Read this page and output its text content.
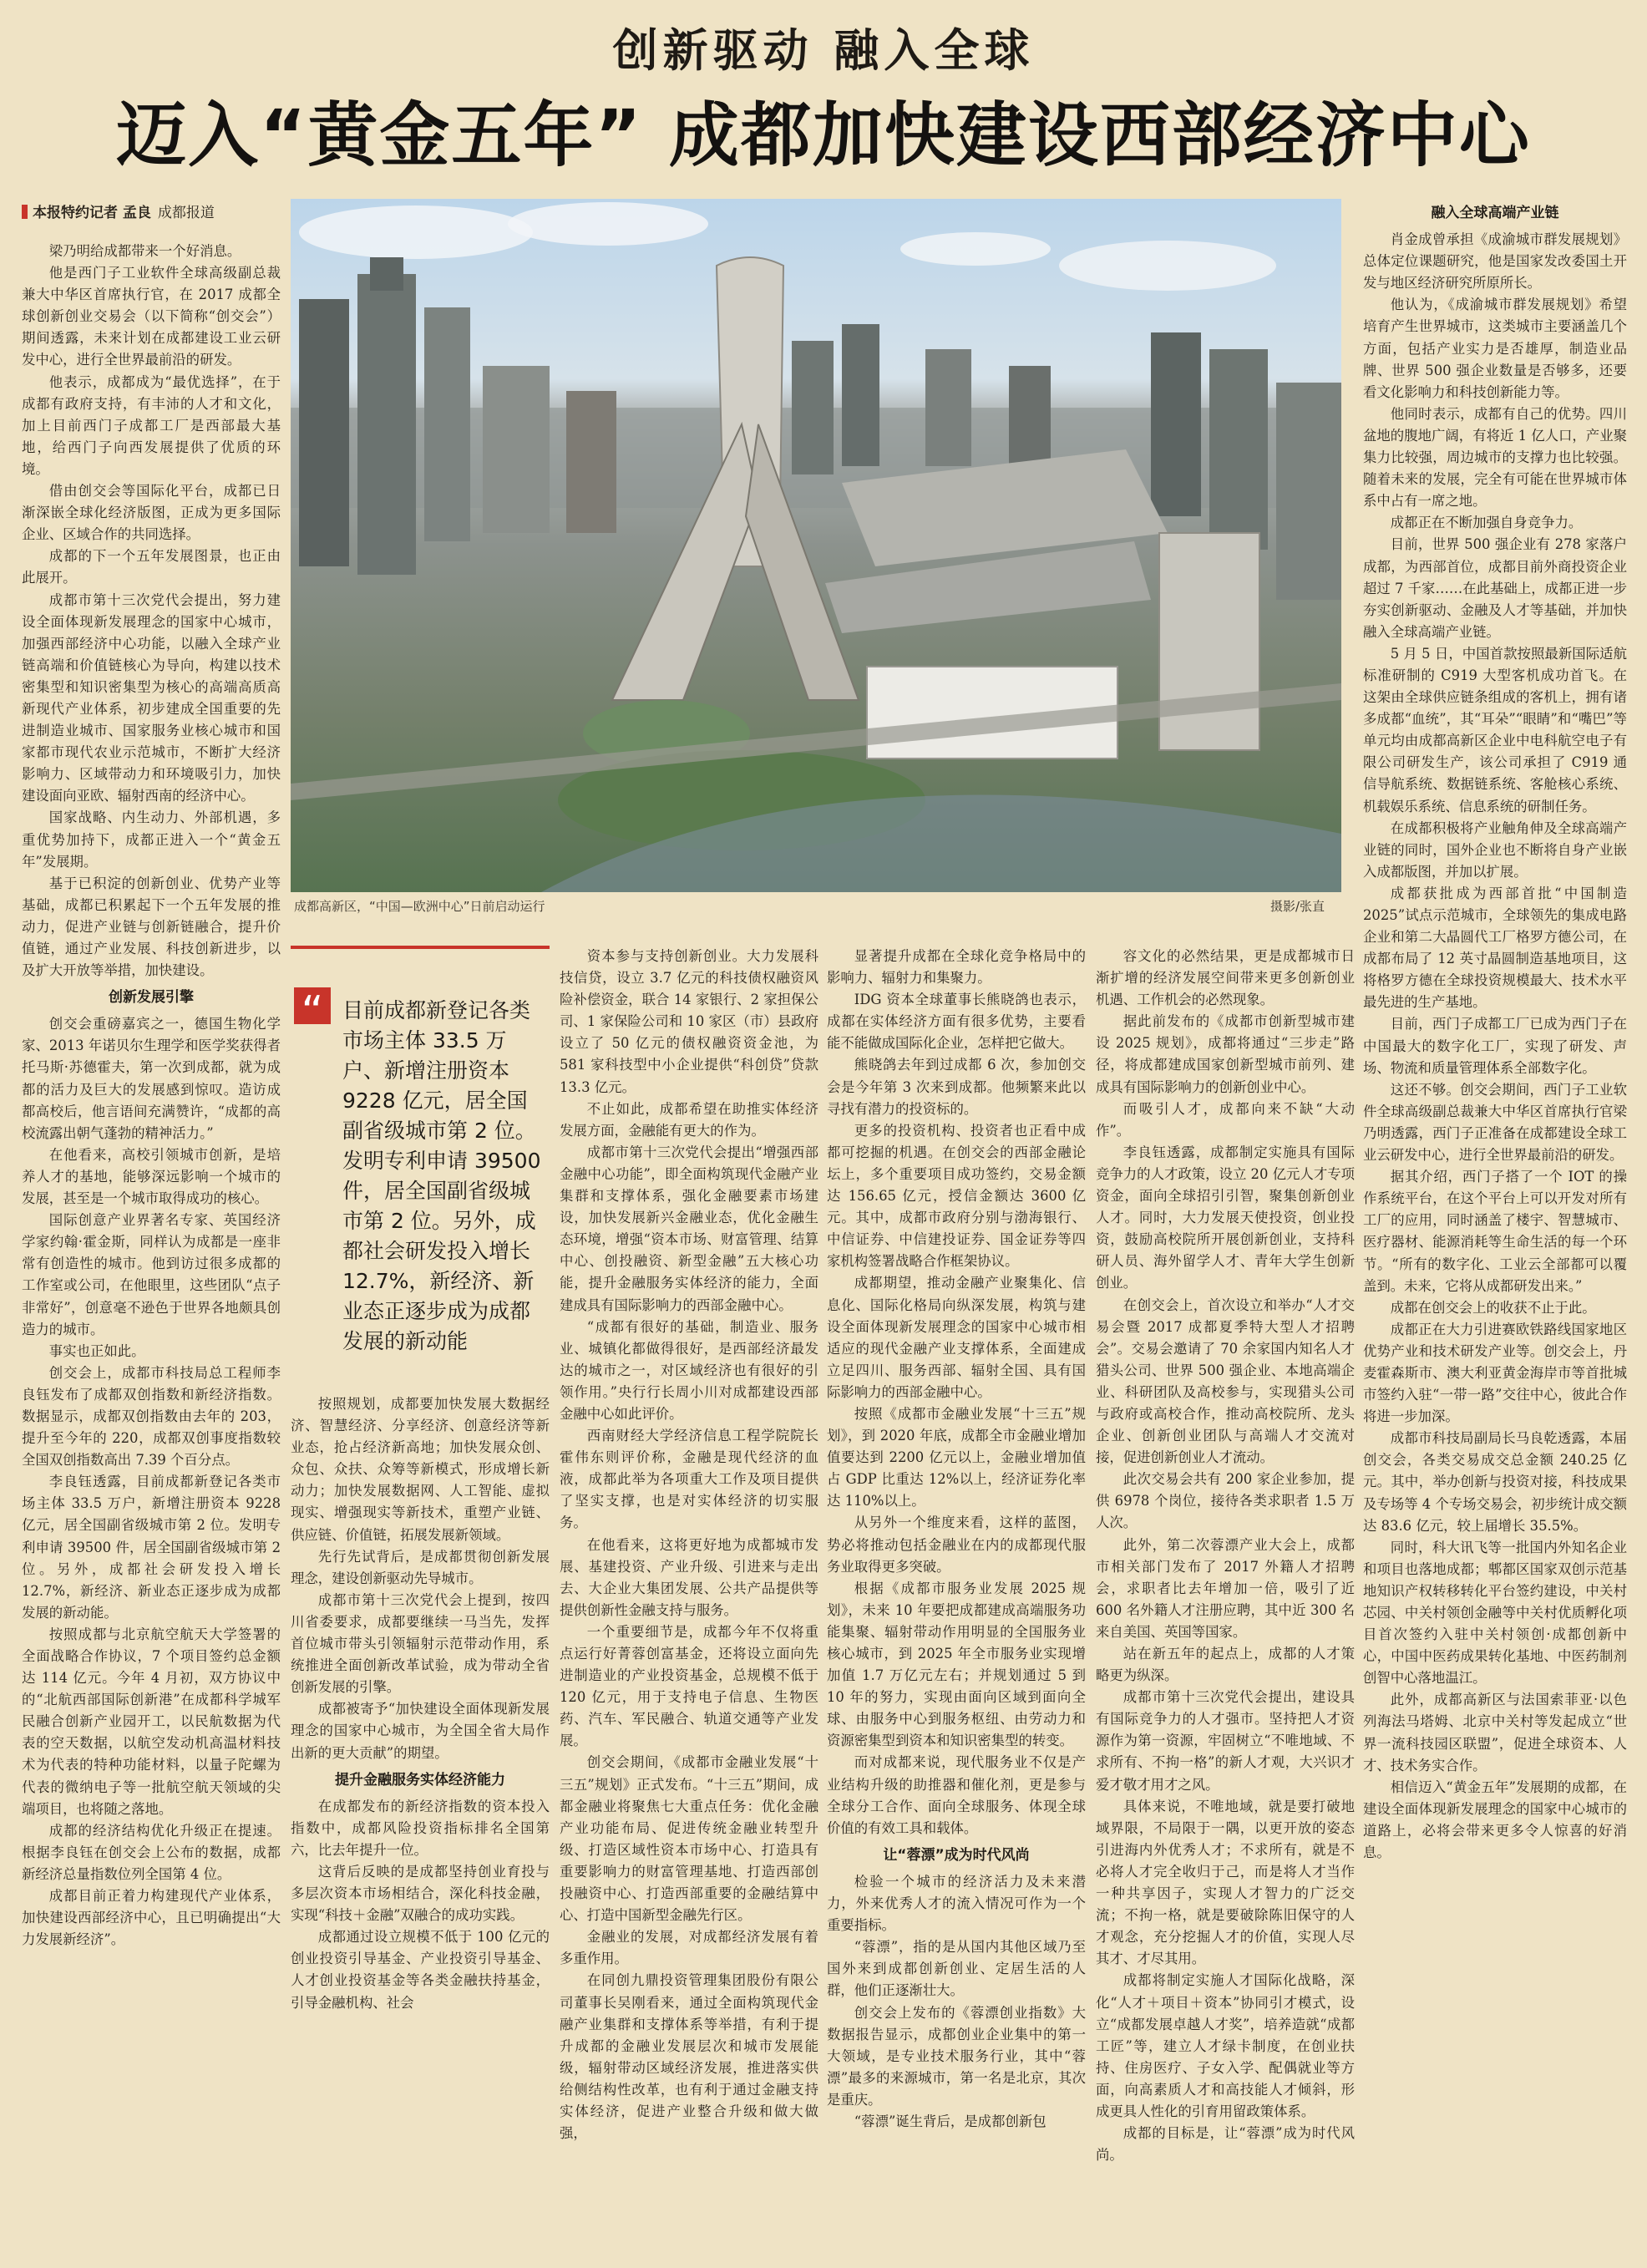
创新驱动 融入全球
迈入“黄金五年” 成都加快建设西部经济中心
本报特约记者 孟良 成都报道
成都高新区，“中国—欧洲中心”日前启动运行	摄影/张直
“ 目前成都新登记各类市场主体 33.5 万户、新增注册资本 9228 亿元，居全国副省级城市第 2 位。发明专利申请 39500 件，居全国副省级城市第 2 位。另外，成都社会研发投入增长 12.7%，新经济、新业态正逐步成为成都发展的新动能

梁乃明给成都带来一个好消息。

他是西门子工业软件全球高级副总裁兼大中华区首席执行官，在 2017 成都全球创新创业交易会（以下简称“创交会”）期间透露，未来计划在成都建设工业云研发中心，进行全世界最前沿的研发。

他表示，成都成为“最优选择”，在于成都有政府支持，有丰沛的人才和文化，加上目前西门子成都工厂是西部最大基地，给西门子向西发展提供了优质的环境。

借由创交会等国际化平台，成都已日渐深嵌全球化经济版图，正成为更多国际企业、区域合作的共同选择。

成都的下一个五年发展图景，也正由此展开。

成都市第十三次党代会提出，努力建设全面体现新发展理念的国家中心城市，加强西部经济中心功能，以融入全球产业链高端和价值链核心为导向，构建以技术密集型和知识密集型为核心的高端高质高新现代产业体系，初步建成全国重要的先进制造业城市、国家服务业核心城市和国家都市现代农业示范城市，不断扩大经济影响力、区域带动力和环境吸引力，加快建设面向亚欧、辐射西南的经济中心。

国家战略、内生动力、外部机遇，多重优势加持下，成都正进入一个“黄金五年”发展期。

基于已积淀的创新创业、优势产业等基础，成都已积累起下一个五年发展的推动力，促进产业链与创新链融合，提升价值链，通过产业发展、科技创新进步，以及扩大开放等举措，加快建设。

创新发展引擎

创交会重磅嘉宾之一，德国生物化学家、2013 年诺贝尔生理学和医学奖获得者托马斯·苏德霍夫，第一次到成都，就为成都的活力及巨大的发展感到惊叹。造访成都高校后，他言语间充满赞许，“成都的高校流露出朝气蓬勃的精神活力。”

在他看来，高校引领城市创新，是培养人才的基地，能够深远影响一个城市的发展，甚至是一个城市取得成功的核心。

国际创意产业界著名专家、英国经济学家约翰·霍金斯，同样认为成都是一座非常有创造性的城市。他到访过很多成都的工作室或公司，在他眼里，这些团队“点子非常好”，创意毫不逊色于世界各地颇具创造力的城市。

事实也正如此。

创交会上，成都市科技局总工程师李良钰发布了成都双创指数和新经济指数。数据显示，成都双创指数由去年的 203，提升至今年的 220，成都双创事度指数较全国双创指数高出 7.39 个百分点。

李良钰透露，目前成都新登记各类市场主体 33.5 万户，新增注册资本 9228 亿元，居全国副省级城市第 2 位。发明专利申请 39500 件，居全国副省级城市第 2 位。另外，成都社会研发投入增长 12.7%，新经济、新业态正逐步成为成都发展的新动能。

按照成都与北京航空航天大学签署的全面战略合作协议，7 个项目签约总金额达 114 亿元。今年 4 月初，双方协议中的“北航西部国际创新港”在成都科学城军民融合创新产业园开工，以民航数据为代表的空天数据，以航空发动机高温材料技术为代表的特种功能材料，以量子陀螺为代表的微纳电子等一批航空航天领域的尖端项目，也将随之落地。

成都的经济结构优化升级正在提速。根据李良钰在创交会上公布的数据，成都新经济总量指数位列全国第 4 位。

成都目前正着力构建现代产业体系，加快建设西部经济中心，且已明确提出“大力发展新经济”。

按照规划，成都要加快发展大数据经济、智慧经济、分享经济、创意经济等新业态，抢占经济新高地；加快发展众创、众包、众扶、众筹等新模式，形成增长新动力；加快发展数据网、人工智能、虚拟现实、增强现实等新技术，重塑产业链、供应链、价值链，拓展发展新领域。

先行先试背后，是成都贯彻创新发展理念，建设创新驱动先导城市。

成都市第十三次党代会上提到，按四川省委要求，成都要继续一马当先，发挥首位城市带头引领辐射示范带动作用，系统推进全面创新改革试验，成为带动全省创新发展的引擎。

成都被寄予“加快建设全面体现新发展理念的国家中心城市，为全国全省大局作出新的更大贡献”的期望。

提升金融服务实体经济能力

在成都发布的新经济指数的资本投入指数中，成都风险投资指标排名全国第六，比去年提升一位。

这背后反映的是成都坚持创业育投与多层次资本市场相结合，深化科技金融，实现“科技＋金融”双融合的成功实践。

成都通过设立规模不低于 100 亿元的创业投资引导基金、产业投资引导基金、人才创业投资基金等各类金融扶持基金，引导金融机构、社会

资本参与支持创新创业。大力发展科技信贷，设立 3.7 亿元的科技债权融资风险补偿资金，联合 14 家银行、2 家担保公司、1 家保险公司和 10 家区（市）县政府设立了 50 亿元的债权融资资金池，为 581 家科技型中小企业提供“科创贷”贷款 13.3 亿元。

不止如此，成都希望在助推实体经济发展方面，金融能有更大的作为。

成都市第十三次党代会提出“增强西部金融中心功能”，即全面构筑现代金融产业集群和支撑体系，强化金融要素市场建设，加快发展新兴金融业态，优化金融生态环境，增强“资本市场、财富管理、结算中心、创投融资、新型金融”五大核心功能，提升金融服务实体经济的能力，全面建成具有国际影响力的西部金融中心。

“成都有很好的基础，制造业、服务业、城镇化都做得很好，是西部经济最发达的城市之一，对区域经济也有很好的引领作用。”央行行长周小川对成都建设西部金融中心如此评价。

西南财经大学经济信息工程学院院长霍伟东则评价称，金融是现代经济的血液，成都此举为各项重大工作及项目提供了坚实支撑，也是对实体经济的切实服务。

在他看来，这将更好地为成都城市发展、基建投资、产业升级、引进来与走出去、大企业大集团发展、公共产品提供等提供创新性金融支持与服务。

一个重要细节是，成都今年不仅将重点运行好菁蓉创富基金，还将设立面向先进制造业的产业投资基金，总规模不低于 120 亿元，用于支持电子信息、生物医药、汽车、军民融合、轨道交通等产业发展。

创交会期间，《成都市金融业发展“十三五”规划》正式发布。“十三五”期间，成都金融业将聚焦七大重点任务：优化金融产业功能布局、促进传统金融业转型升级、打造区域性资本市场中心、打造具有重要影响力的财富管理基地、打造西部创投融资中心、打造西部重要的金融结算中心、打造中国新型金融先行区。

金融业的发展，对成都经济发展有着多重作用。

在同创九鼎投资管理集团股份有限公司董事长吴刚看来，通过全面构筑现代金融产业集群和支撑体系等举措，有利于提升成都的金融业发展层次和城市发展能级，辐射带动区域经济发展，推进落实供给侧结构性改革，也有利于通过金融支持实体经济，促进产业整合升级和做大做强，

显著提升成都在全球化竞争格局中的影响力、辐射力和集聚力。

IDG 资本全球董事长熊晓鸽也表示，成都在实体经济方面有很多优势，主要看能不能做成国际化企业，怎样把它做大。

熊晓鸽去年到过成都 6 次，参加创交会是今年第 3 次来到成都。他频繁来此以寻找有潜力的投资标的。

更多的投资机构、投资者也正看中成都可挖掘的机遇。在创交会的西部金融论坛上，多个重要项目成功签约，交易金额达 156.65 亿元，授信金额达 3600 亿元。其中，成都市政府分别与渤海银行、中信证券、中信建投证券、国金证券等四家机构签署战略合作框架协议。

成都期望，推动金融产业聚集化、信息化、国际化格局向纵深发展，构筑与建设全面体现新发展理念的国家中心城市相适应的现代金融产业支撑体系，全面建成立足四川、服务西部、辐射全国、具有国际影响力的西部金融中心。

按照《成都市金融业发展“十三五”规划》，到 2020 年底，成都全市金融业增加值要达到 2200 亿元以上，金融业增加值占 GDP 比重达 12%以上，经济证券化率达 110%以上。

从另外一个维度来看，这样的蓝图，势必将推动包括金融业在内的成都现代服务业取得更多突破。

根据《成都市服务业发展 2025 规划》，未来 10 年要把成都建成高端服务功能集聚、辐射带动作用明显的全国服务业核心城市，到 2025 年全市服务业实现增加值 1.7 万亿元左右；并规划通过 5 到 10 年的努力，实现由面向区域到面向全球、由服务中心到服务枢纽、由劳动力和资源密集型到资本和知识密集型的转变。

而对成都来说，现代服务业不仅是产业结构升级的助推器和催化剂，更是参与全球分工合作、面向全球服务、体现全球价值的有效工具和载体。

让“蓉漂”成为时代风尚

检验一个城市的经济活力及未来潜力，外来优秀人才的流入情况可作为一个重要指标。

“蓉漂”，指的是从国内其他区域乃至国外来到成都创新创业、定居生活的人群，他们正逐渐壮大。

创交会上发布的《蓉漂创业指数》大数据报告显示，成都创业企业集中的第一大领域，是专业技术服务行业，其中“蓉漂”最多的来源城市，第一名是北京，其次是重庆。

“蓉漂”诞生背后，是成都创新包

容文化的必然结果，更是成都城市日渐扩增的经济发展空间带来更多创新创业机遇、工作机会的必然现象。

据此前发布的《成都市创新型城市建设 2025 规划》，成都将通过“三步走”路径，将成都建成国家创新型城市前列、建成具有国际影响力的创新创业中心。

而吸引人才，成都向来不缺“大动作”。

李良钰透露，成都制定实施具有国际竞争力的人才政策，设立 20 亿元人才专项资金，面向全球招引引智，聚集创新创业人才。同时，大力发展天使投资，创业投资，鼓励高校院所开展创新创业，支持科研人员、海外留学人才、青年大学生创新创业。

在创交会上，首次设立和举办“人才交易会暨 2017 成都夏季特大型人才招聘会”。交易会邀请了 70 余家国内知名人才猎头公司、世界 500 强企业、本地高端企业、科研团队及高校参与，实现猎头公司与政府或高校合作，推动高校院所、龙头企业、创新创业团队与高端人才交流对接，促进创新创业人才流动。

此次交易会共有 200 家企业参加，提供 6978 个岗位，接待各类求职者 1.5 万人次。

此外，第二次蓉漂产业大会上，成都市相关部门发布了 2017 外籍人才招聘会，求职者比去年增加一倍，吸引了近 600 名外籍人才注册应聘，其中近 300 名来自美国、英国等国家。

站在新五年的起点上，成都的人才策略更为纵深。

成都市第十三次党代会提出，建设具有国际竞争力的人才强市。坚持把人才资源作为第一资源，牢固树立“不唯地域、不求所有、不拘一格”的新人才观，大兴识才爱才敬才用才之风。

具体来说，不唯地域，就是要打破地域界限，不局限于一隅，以更开放的姿态引进海内外优秀人才；不求所有，就是不必将人才完全收归于己，而是将人才当作一种共享因子，实现人才智力的广泛交流；不拘一格，就是要破除陈旧保守的人才观念，充分挖掘人才的价值，实现人尽其才、才尽其用。

成都将制定实施人才国际化战略，深化“人才＋项目＋资本”协同引才模式，设立“成都发展卓越人才奖”，培养造就“成都工匠”等，建立人才绿卡制度，在创业扶持、住房医疗、子女入学、配偶就业等方面，向高素质人才和高技能人才倾斜，形成更具人性化的引育用留政策体系。

成都的目标是，让“蓉漂”成为时代风尚。

融入全球高端产业链

肖金成曾承担《成渝城市群发展规划》总体定位课题研究，他是国家发改委国土开发与地区经济研究所原所长。

他认为，《成渝城市群发展规划》希望培育产生世界城市，这类城市主要涵盖几个方面，包括产业实力是否雄厚，制造业品牌、世界 500 强企业数量是否够多，还要看文化影响力和科技创新能力等。

他同时表示，成都有自己的优势。四川盆地的腹地广阔，有将近 1 亿人口，产业聚集力比较强，周边城市的支撑力也比较强。随着未来的发展，完全有可能在世界城市体系中占有一席之地。

成都正在不断加强自身竞争力。

目前，世界 500 强企业有 278 家落户成都，为西部首位，成都目前外商投资企业超过 7 千家……在此基础上，成都正进一步夯实创新驱动、金融及人才等基础，并加快融入全球高端产业链。

5 月 5 日，中国首款按照最新国际适航标准研制的 C919 大型客机成功首飞。在这架由全球供应链条组成的客机上，拥有诸多成都“血统”，其“耳朵”“眼睛”和“嘴巴”等单元均由成都高新区企业中电科航空电子有限公司研发生产，该公司承担了 C919 通信导航系统、数据链系统、客舱核心系统、机载娱乐系统、信息系统的研制任务。

在成都积极将产业触角伸及全球高端产业链的同时，国外企业也不断将自身产业嵌入成都版图，并加以扩展。

成都获批成为西部首批“中国制造 2025”试点示范城市，全球领先的集成电路企业和第二大晶圆代工厂格罗方德公司，在成都布局了 12 英寸晶圆制造基地项目，这将格罗方德在全球投资规模最大、技术水平最先进的生产基地。

目前，西门子成都工厂已成为西门子在中国最大的数字化工厂，实现了研发、声场、物流和质量管理体系全部数字化。

这还不够。创交会期间，西门子工业软件全球高级副总裁兼大中华区首席执行官梁乃明透露，西门子正准备在成都建设全球工业云研发中心，进行全世界最前沿的研发。

据其介绍，西门子搭了一个 IOT 的操作系统平台，在这个平台上可以开发对所有工厂的应用，同时涵盖了楼宇、智慧城市、医疗器材、能源消耗等生命生活的每一个环节。“所有的数字化、工业云全部都可以覆盖到。未来，它将从成都研发出来。”

成都在创交会上的收获不止于此。

成都正在大力引进赛欧铁路线国家地区优势产业和技术研发产业等。创交会上，丹麦霍森斯市、澳大利亚黄金海岸市等首批城市签约入驻“一带一路”交往中心，彼此合作将进一步加深。

成都市科技局副局长马良乾透露，本届创交会，各类交易成交总金额 240.25 亿元。其中，举办创新与投资对接，科技成果及专场等 4 个专场交易会，初步统计成交额达 83.6 亿元，较上届增长 35.5%。

同时，科大讯飞等一批国内外知名企业和项目也落地成都；郫都区国家双创示范基地知识产权转移转化平台签约建设，中关村芯园、中关村领创金融等中关村优质孵化项目首次签约入驻中关村领创·成都创新中心，中国中医药成果转化基地、中医药制剂创智中心落地温江。

此外，成都高新区与法国索菲亚·以色列海法马塔姆、北京中关村等发起成立“世界一流科技园区联盟”，促进全球资本、人才、技术务实合作。

相信迈入“黄金五年”发展期的成都，在建设全面体现新发展理念的国家中心城市的道路上，必将会带来更多令人惊喜的好消息。
